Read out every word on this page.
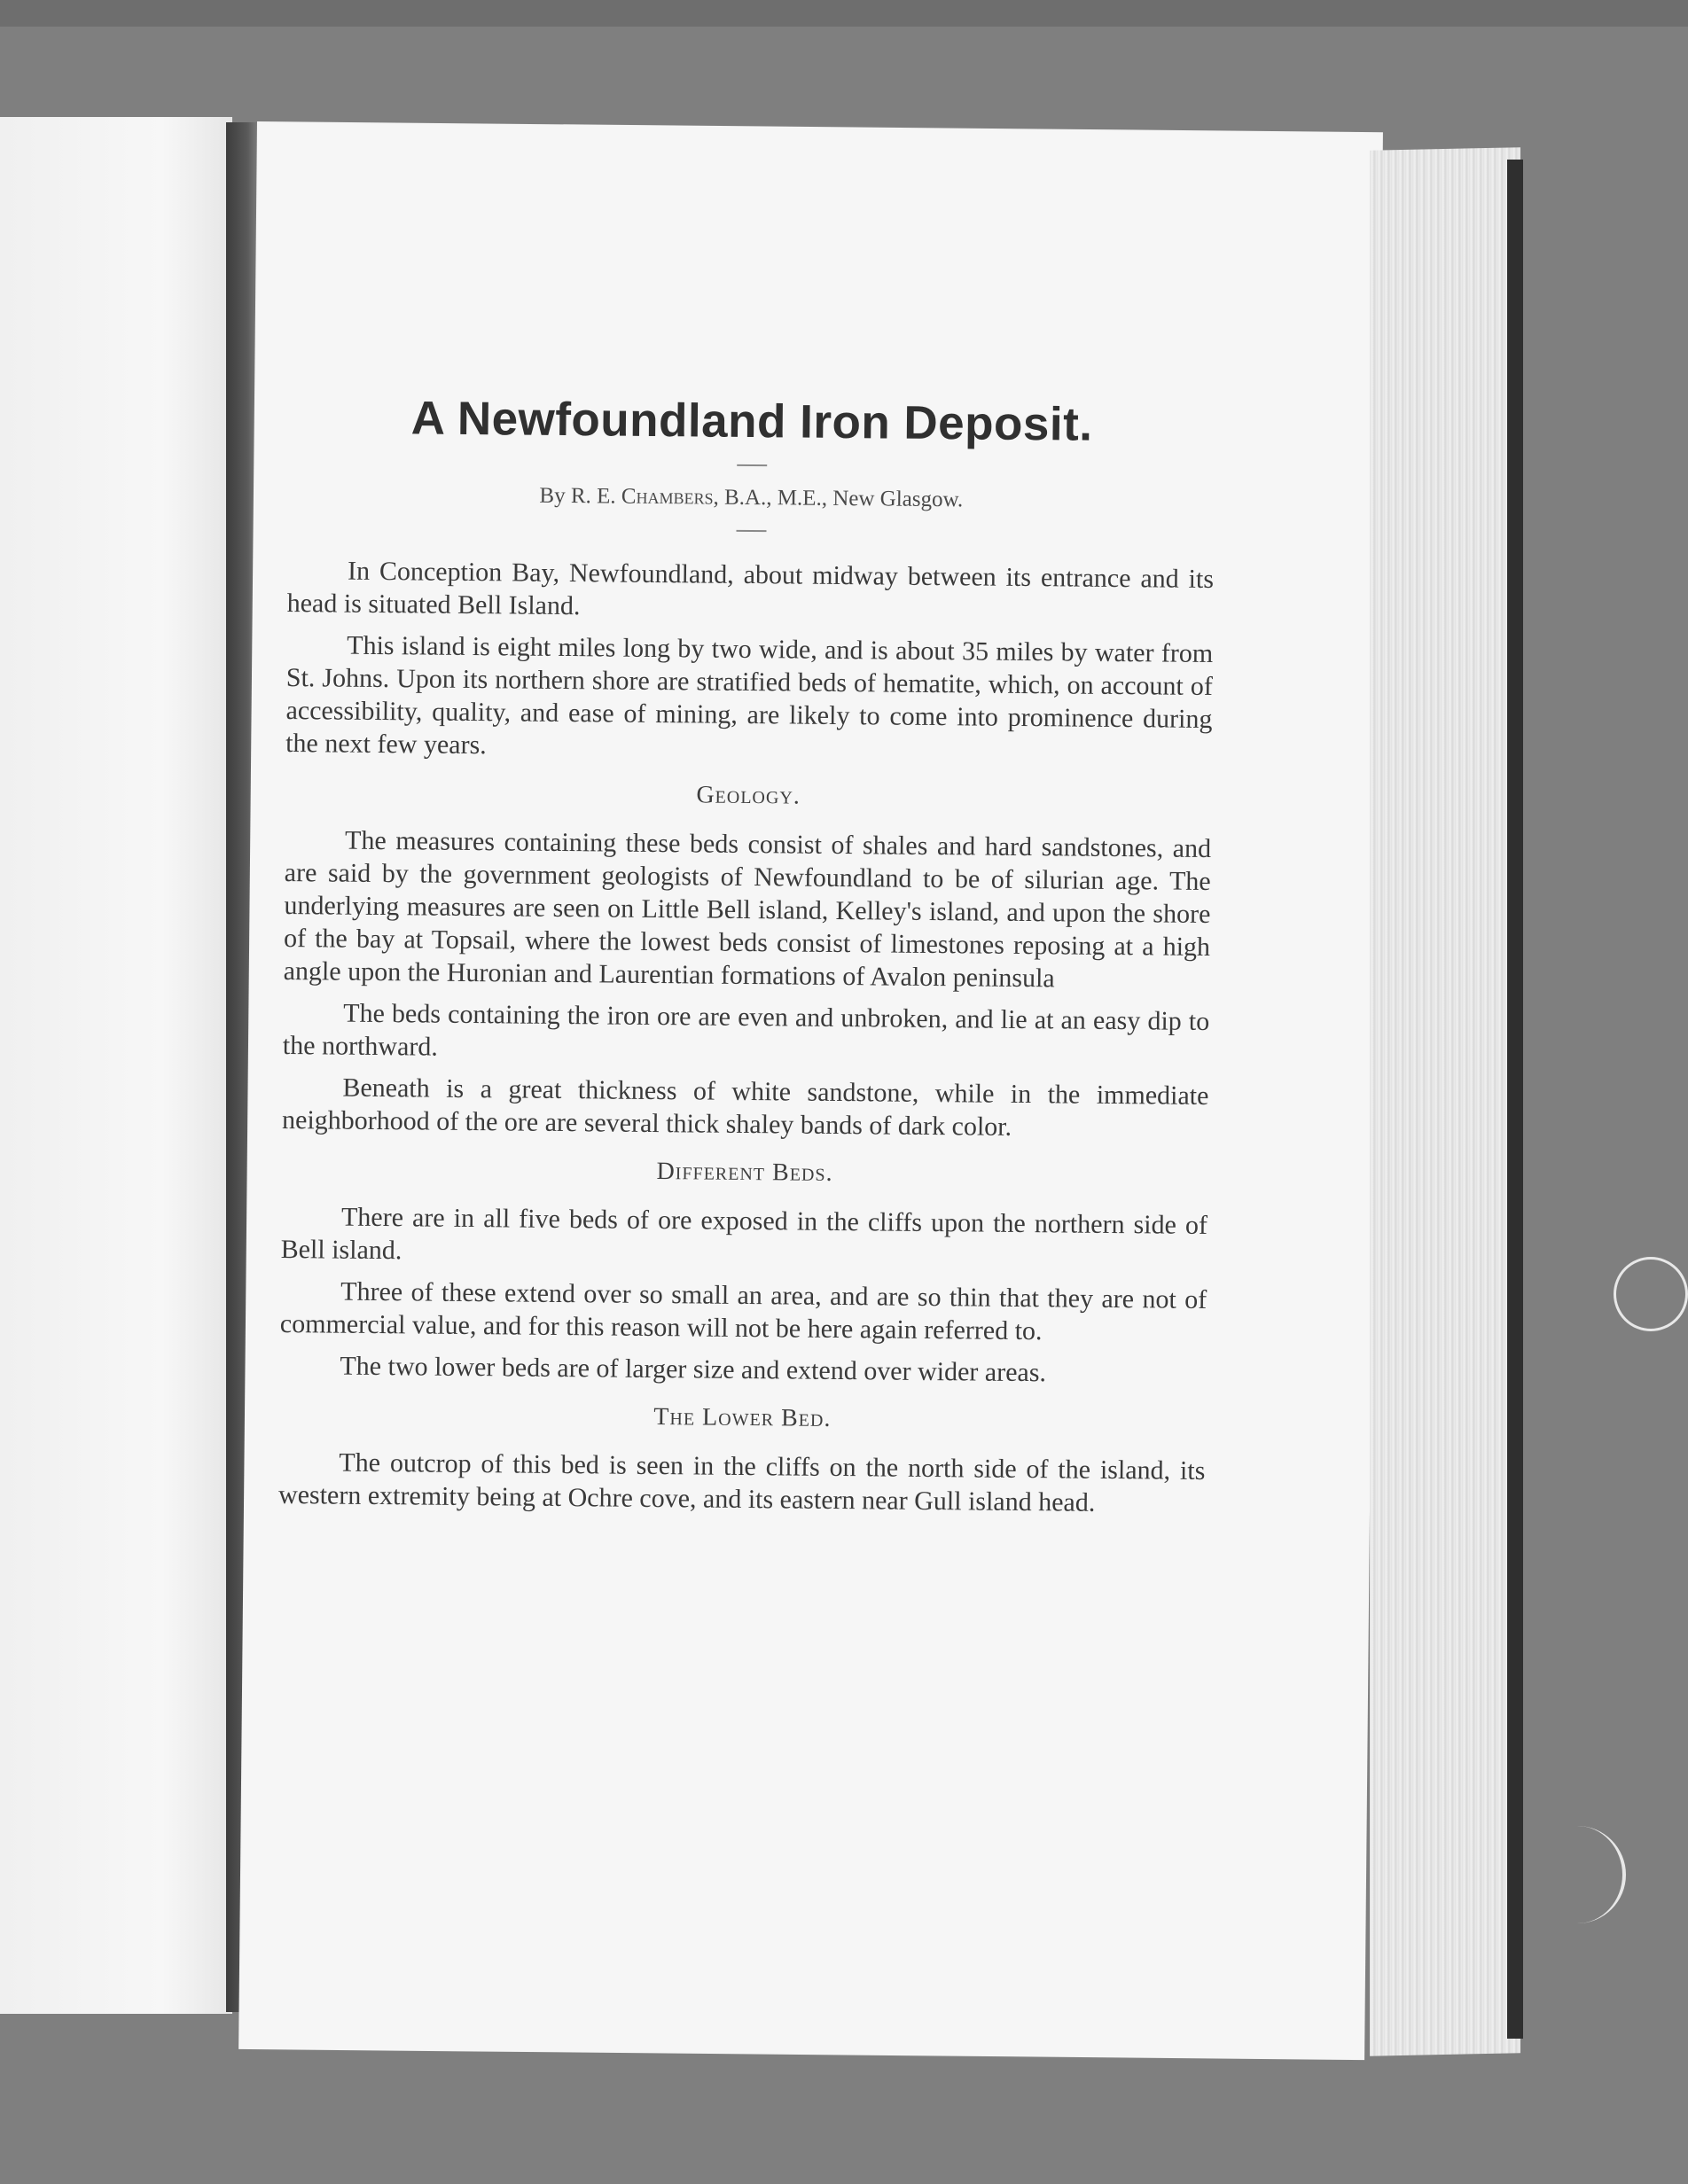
A Newfoundland Iron Deposit.
By R. E. Chambers, B.A., M.E., New Glasgow.

In Conception Bay, Newfoundland, about midway between its entrance and its head is situated Bell Island.

This island is eight miles long by two wide, and is about 35 miles by water from St. Johns. Upon its northern shore are stratified beds of hematite, which, on account of accessibility, quality, and ease of mining, are likely to come into prominence during the next few years.

Geology.

The measures containing these beds consist of shales and hard sandstones, and are said by the government geologists of Newfoundland to be of silurian age. The underlying measures are seen on Little Bell island, Kelley's island, and upon the shore of the bay at Topsail, where the lowest beds consist of limestones reposing at a high angle upon the Huronian and Laurentian formations of Avalon peninsula

The beds containing the iron ore are even and unbroken, and lie at an easy dip to the northward.

Beneath is a great thickness of white sandstone, while in the immediate neighborhood of the ore are several thick shaley bands of dark color.

Different Beds.

There are in all five beds of ore exposed in the cliffs upon the northern side of Bell island.

Three of these extend over so small an area, and are so thin that they are not of commercial value, and for this reason will not be here again referred to.

The two lower beds are of larger size and extend over wider areas.

The Lower Bed.

The outcrop of this bed is seen in the cliffs on the north side of the island, its western extremity being at Ochre cove, and its eastern near Gull island head.
